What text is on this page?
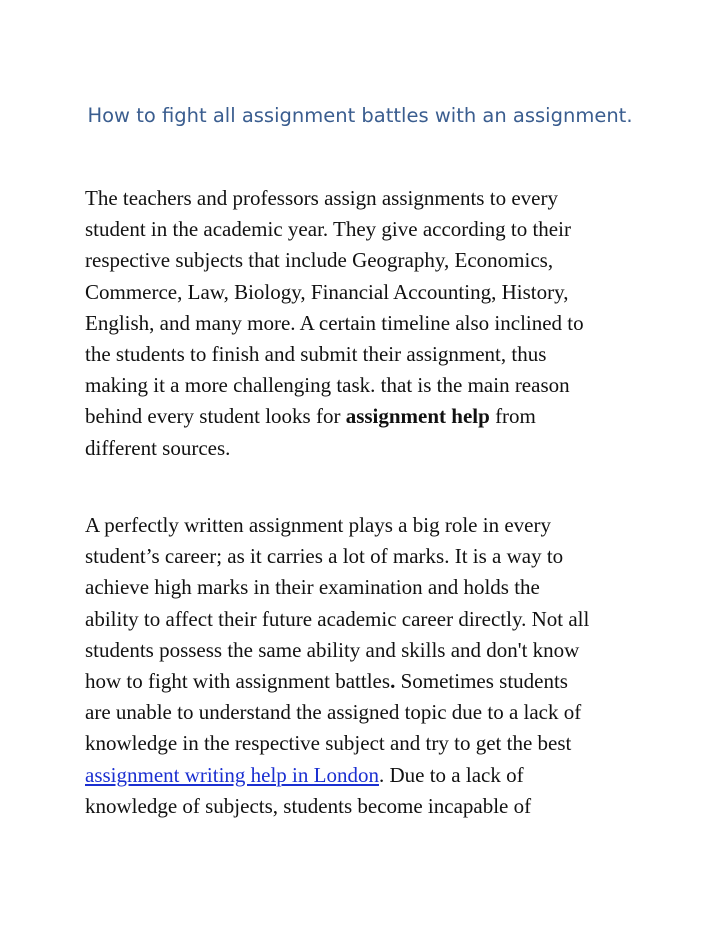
How to fight all assignment battles with an assignment.

The teachers and professors assign assignments to every
student in the academic year. They give according to their
respective subjects that include Geography, Economics,
Commerce, Law, Biology, Financial Accounting, History,
English, and many more. A certain timeline also inclined to
the students to finish and submit their assignment, thus
making it a more challenging task. that is the main reason
behind every student looks for assignment help from
different sources.

A perfectly written assignment plays a big role in every
student’s career; as it carries a lot of marks. It is a way to
achieve high marks in their examination and holds the
ability to affect their future academic career directly. Not all
students possess the same ability and skills and don't know
how to fight with assignment battles. Sometimes students
are unable to understand the assigned topic due to a lack of
knowledge in the respective subject and try to get the best
assignment writing help in London. Due to a lack of
knowledge of subjects, students become incapable of
